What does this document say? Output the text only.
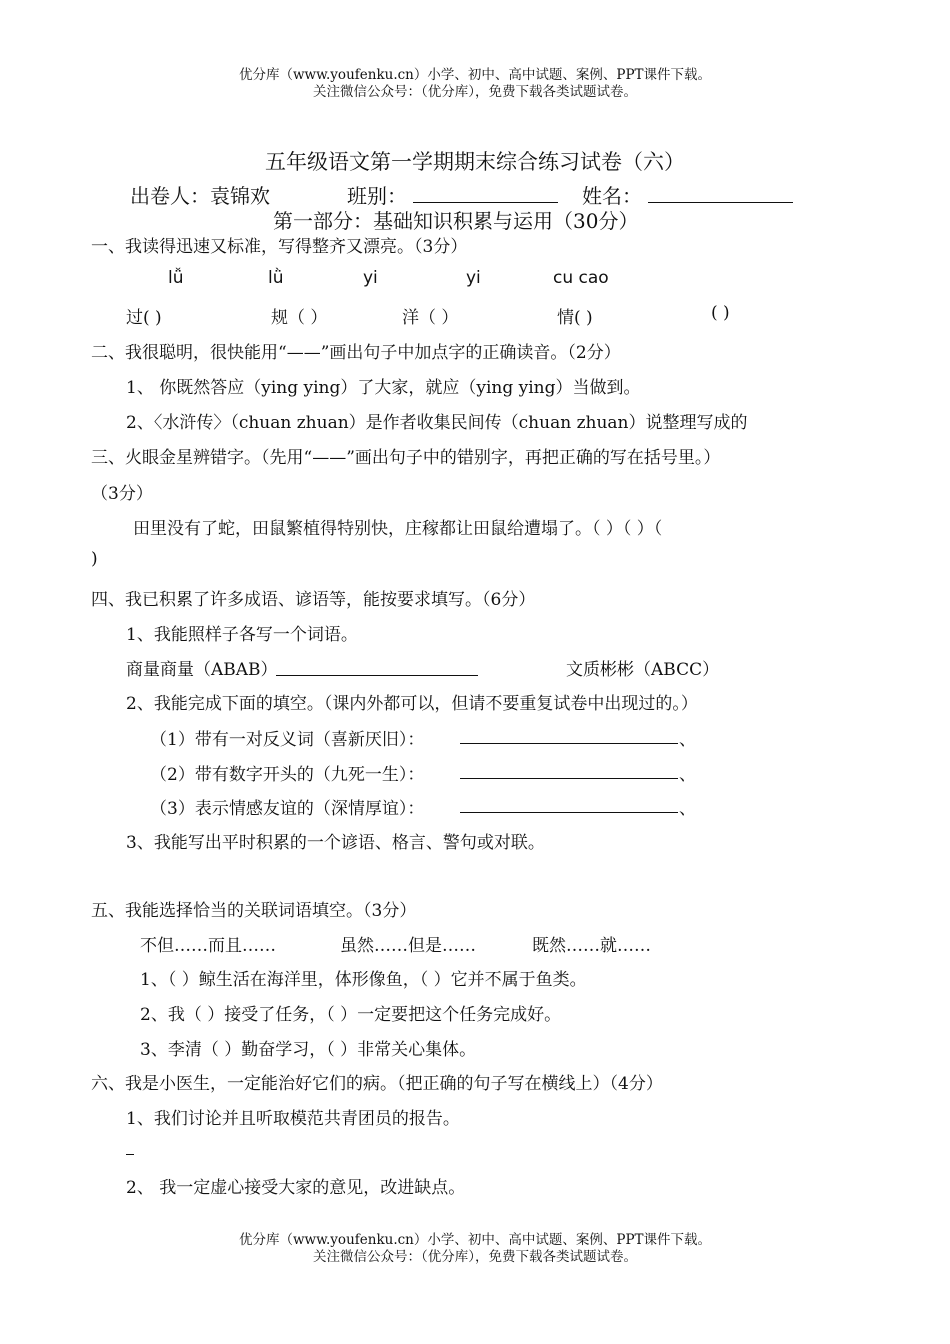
优分库（www.youfenku.cn）小学、初中、高中试题、案例、PPT课件下载。
关注微信公众号：（优分库），免费下载各类试题试卷。
五年级语文第一学期期末综合练习试卷（六）
出卷人：袁锦欢	班别：	姓名：
第一部分：基础知识积累与运用（30分）
一、我读得迅速又标准，写得整齐又漂亮。（3分）
lǚ	lǜ	yi	yi	cu cao
过( )	规（ ）	洋（ ）	情( )	( )
二、我很聪明，很快能用“——”画出句子中加点字的正确读音。（2分）
1、 你既然答应（ying ying）了大家，就应（ying ying）当做到。
2、〈水浒传〉（chuan zhuan）是作者收集民间传（chuan zhuan）说整理写成的
三、火眼金星辨错字。（先用“——”画出句子中的错别字，再把正确的写在括号里。）
（3分）
田里没有了蛇，田鼠繁植得特别快，庄稼都让田鼠给遭塌了。（ ）（ ）（
)
四、我已积累了许多成语、谚语等，能按要求填写。（6分）
1、我能照样子各写一个词语。
商量商量（ABAB）	文质彬彬（ABCC）
2、我能完成下面的填空。（课内外都可以，但请不要重复试卷中出现过的。）
（1）带有一对反义词（喜新厌旧）：	、
（2）带有数字开头的（九死一生）：	、
（3）表示情感友谊的（深情厚谊）：	、
3、我能写出平时积累的一个谚语、格言、警句或对联。
五、我能选择恰当的关联词语填空。（3分）
不但……而且……	虽然……但是……	既然……就……
1、（ ）鲸生活在海洋里，体形像鱼，（ ）它并不属于鱼类。
2、我（ ）接受了任务，（ ）一定要把这个任务完成好。
3、李清（ ）勤奋学习，（ ）非常关心集体。
六、我是小医生，一定能治好它们的病。（把正确的句子写在横线上）（4分）
1、我们讨论并且听取模范共青团员的报告。
2、 我一定虚心接受大家的意见，改进缺点。
优分库（www.youfenku.cn）小学、初中、高中试题、案例、PPT课件下载。
关注微信公众号：（优分库），免费下载各类试题试卷。
